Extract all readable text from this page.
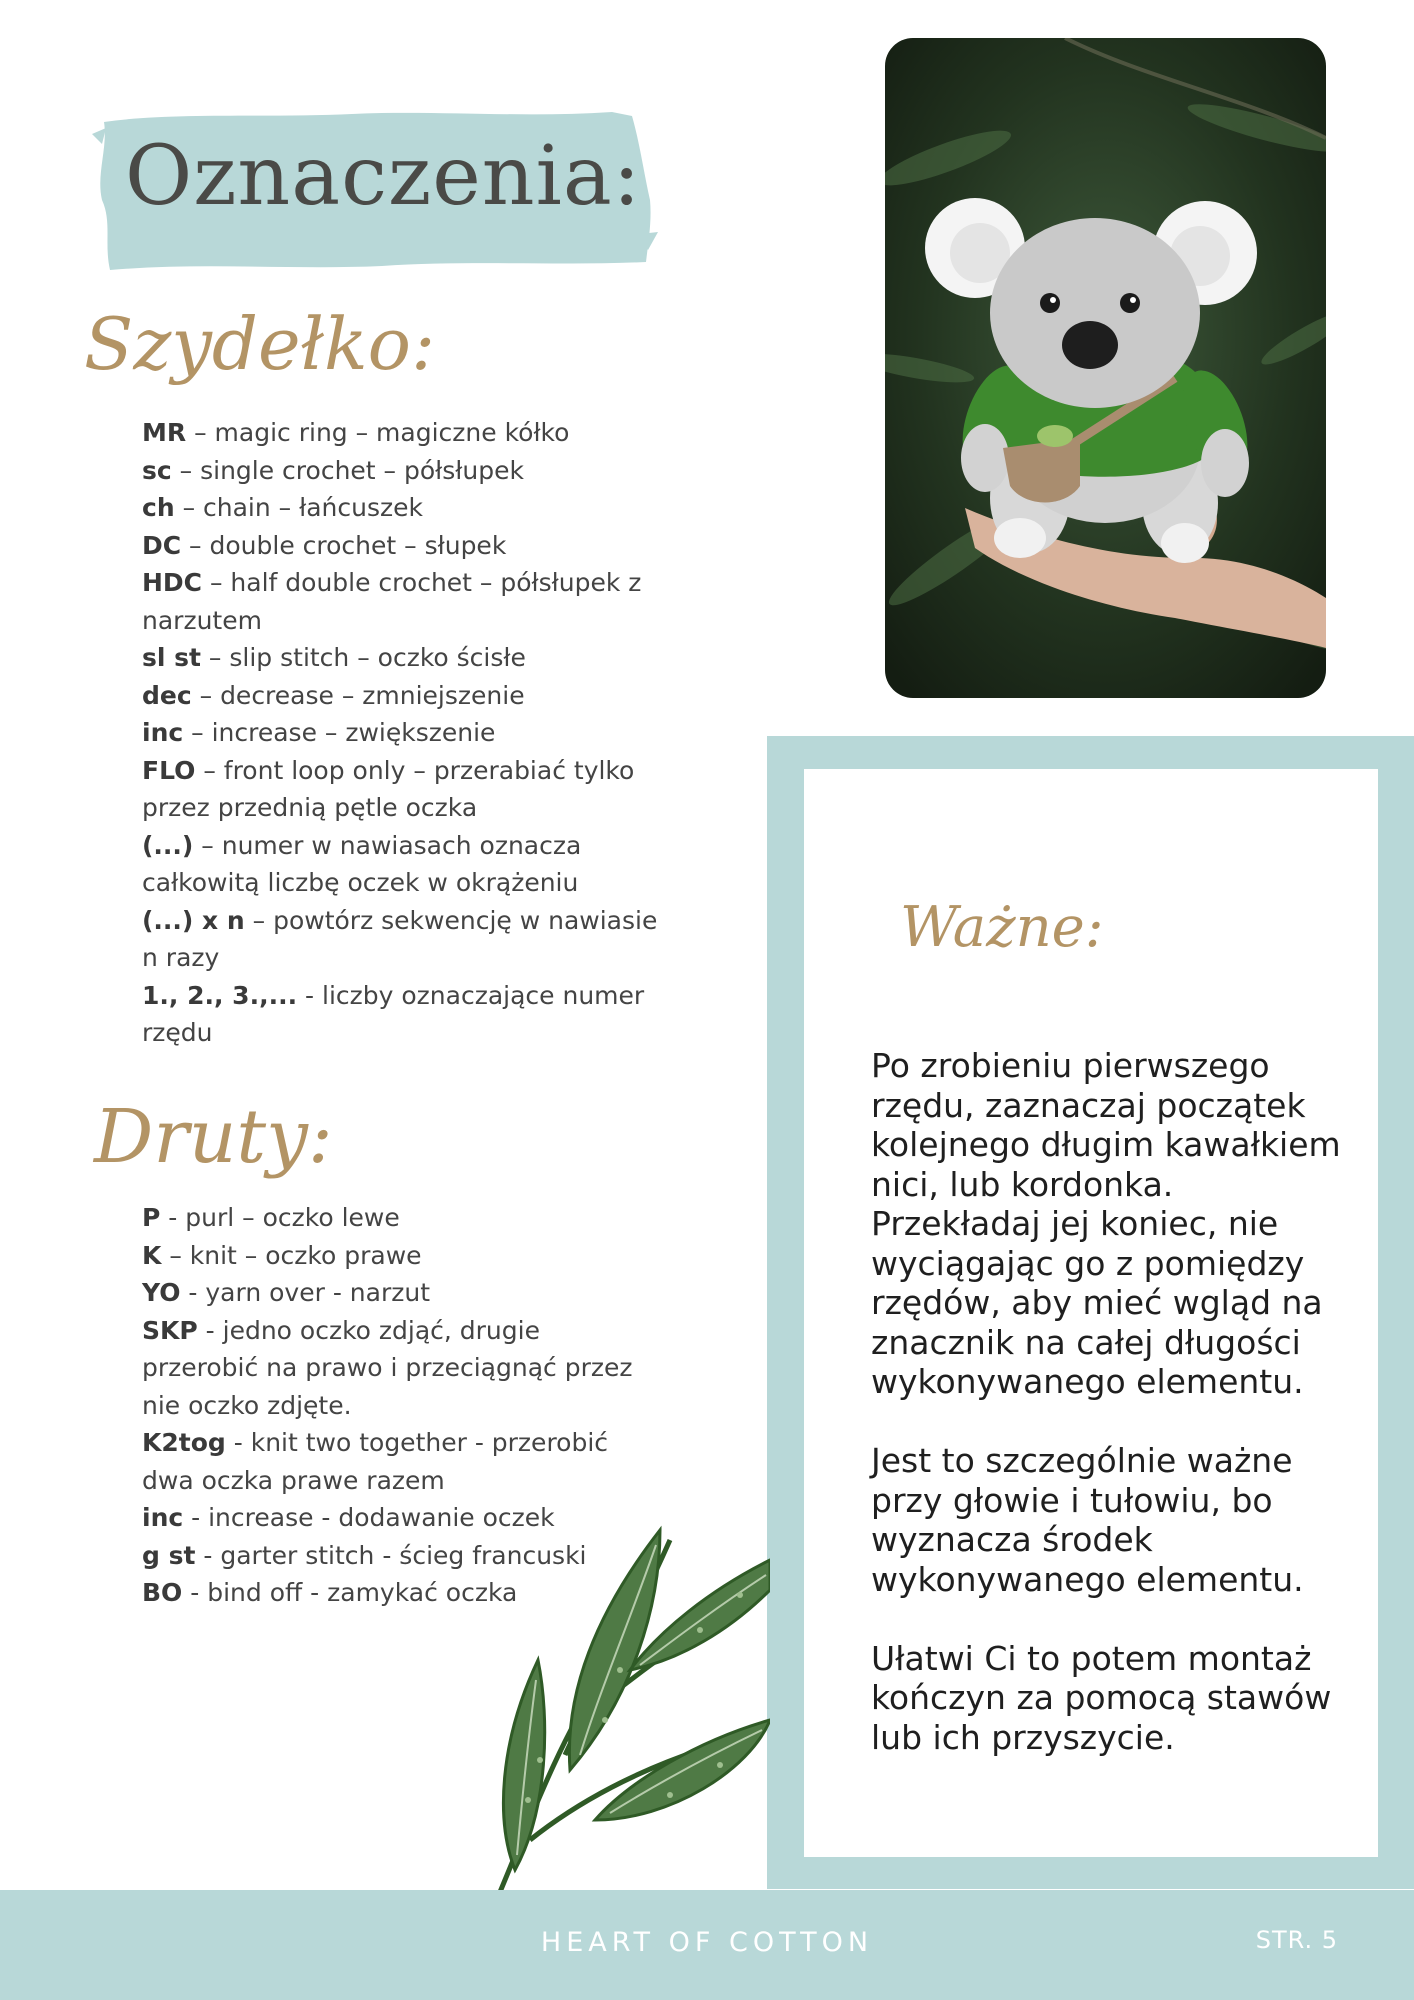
Oznaczenia:
Szydełko:
MR – magic ring – magiczne kółko
sc – single crochet – półsłupek
ch – chain – łańcuszek
DC – double crochet – słupek
HDC – half double crochet – półsłupek z narzutem
sl st – slip stitch – oczko ścisłe
dec – decrease – zmniejszenie
inc – increase – zwiększenie
FLO – front loop only – przerabiać tylko przez przednią pętle oczka
(...) – numer w nawiasach oznacza całkowitą liczbę oczek w okrążeniu
(...) x n – powtórz sekwencję w nawiasie n razy
1., 2., 3.,... - liczby oznaczające numer rzędu
Druty:
P - purl – oczko lewe
K – knit – oczko prawe
YO - yarn over - narzut
SKP - jedno oczko zdjąć, drugie przerobić na prawo i przeciągnąć przez nie oczko zdjęte.
K2tog - knit two together - przerobić dwa oczka prawe razem
inc - increase - dodawanie oczek
g st - garter stitch - ścieg francuski
BO - bind off - zamykać oczka
Ważne:

Po zrobieniu pierwszego rzędu, zaznaczaj początek kolejnego długim kawałkiem nici, lub kordonka. Przekładaj jej koniec, nie wyciągając go z pomiędzy rzędów, aby mieć wgląd na znacznik na całej długości wykonywanego elementu.

Jest to szczególnie ważne przy głowie i tułowiu, bo wyznacza środek wykonywanego elementu.

Ułatwi Ci to potem montaż kończyn za pomocą stawów lub ich przyszycie.

HEART OF COTTON	STR. 5
